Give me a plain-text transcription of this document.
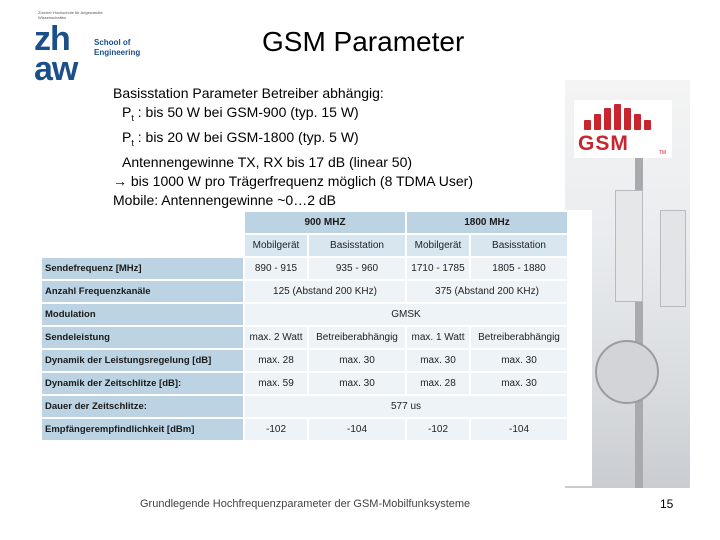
Zürcher Hochschule für Angewandte Wissenschaften
zh
aw
School of
Engineering	GSM Parameter
GSM	TM
Basisstation Parameter Betreiber abhängig:
$P_t$ : bis 50 W bei GSM-900 (typ. 15 W)
$P_t$ : bis 20 W bei GSM-1800 (typ. 5 W)
Antennengewinne TX, RX bis 17 dB (linear 50)
→ bis 1000 W pro Trägerfrequenz möglich (8 TDMA User)
Mobile: Antennengewinne ~0…2 dB
	900 MHZ		1800 MHz	
	Mobilgerät	Basisstation	Mobilgerät	Basisstation
Sendefrequenz [MHz]	890 - 915	935 - 960	1710 - 1785	1805 - 1880
Anzahl Frequenzkanäle	125 (Abstand 200 KHz)		375 (Abstand 200 KHz)	
Modulation	GMSK			
Sendeleistung	max. 2 Watt	Betreiberabhängig	max. 1 Watt	Betreiberabhängig
Dynamik der Leistungsregelung [dB]	max. 28	max. 30	max. 30	max. 30
Dynamik der Zeitschlitze [dB]:	max. 59	max. 30	max. 28	max. 30
Dauer der Zeitschlitze:	577 us			
Empfängerempfindlichkeit [dBm]	-102	-104	-102	-104
Grundlegende Hochfrequenzparameter der GSM-Mobilfunksysteme	15
